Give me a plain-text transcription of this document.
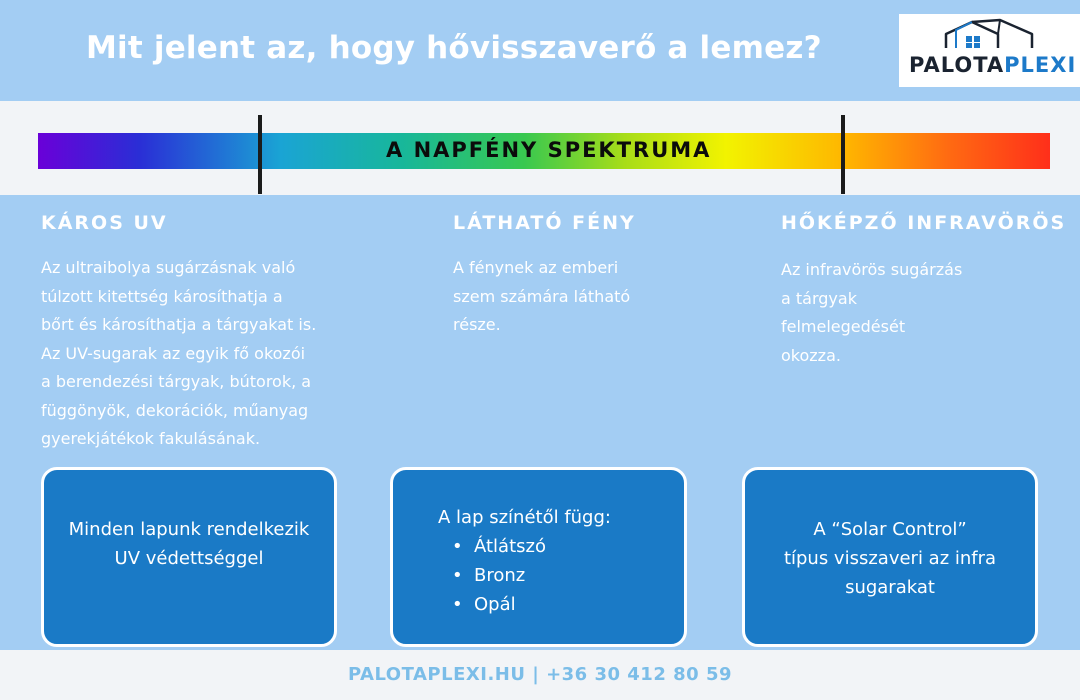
Mit jelent az, hogy hővisszaverő a lemez?	PALOTAPLEXI
A NAPFÉNY SPEKTRUMA
KÁROS UV
Az ultraibolya sugárzásnak való
túlzott kitettség károsíthatja a
bőrt és károsíthatja a tárgyakat is.
Az UV-sugarak az egyik fő okozói
a berendezési tárgyak, bútorok, a
függönyök, dekorációk, műanyag
gyerekjátékok fakulásának.
LÁTHATÓ FÉNY
A fénynek az emberi
szem számára látható
része.
HŐKÉPZŐ INFRAVÖRÖS
Az infravörös sugárzás
a tárgyak
felmelegedését
okozza.
Minden lapunk rendelkezik
UV védettséggel
A lap színétől függ:
• Átlátszó
• Bronz
• Opál
A “Solar Control”
típus visszaveri az infra
sugarakat
PALOTAPLEXI.HU | +36 30 412 80 59
